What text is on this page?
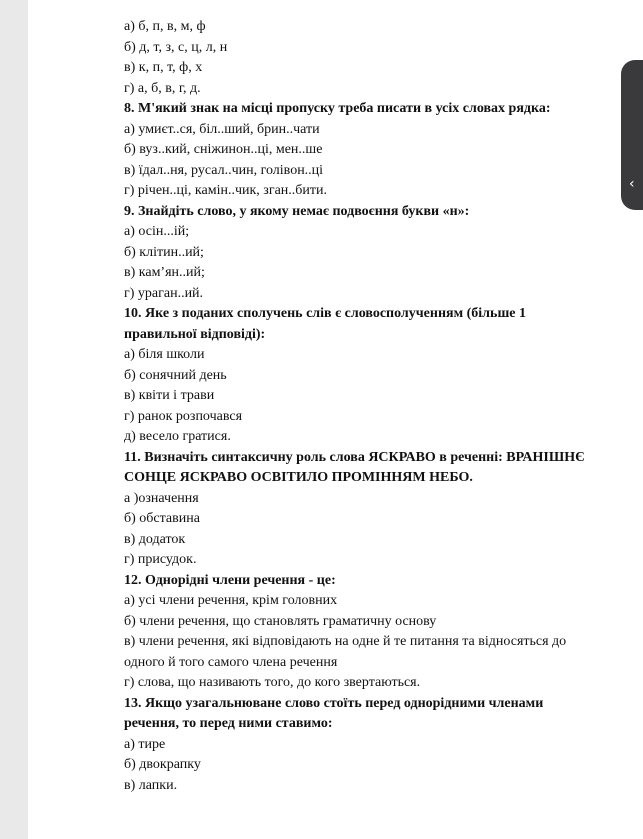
а) б, п, в, м, ф
б) д, т, з, с, ц, л, н
в) к, п, т, ф, х
г) а, б, в, г, д.
8. М'який знак на місці пропуску треба писати в усіх словах рядка:
а) умиєт..ся, біл..ший, брин..чати
б) вуз..кий, сніжинон..ці, мен..ше
в) їдал..ня, русал..чин, голівон..ці
г) річен..ці, камін..чик, зган..бити.
9. Знайдіть слово, у якому немає подвоєння букви «н»:
а) осін...ій;
б) клітин..ий;
в) кам’ян..ий;
г) ураган..ий.
10. Яке з поданих сполучень слів є словосполученням (більше 1
правильної відповіді):
а) біля школи
б) сонячний день
в) квіти і трави
г) ранок розпочався
д) весело гратися.
11. Визначіть синтаксичну роль слова ЯСКРАВО в реченні: ВРАНІШНЄ
СОНЦЕ ЯСКРАВО ОСВІТИЛО ПРОМІННЯМ НЕБО.
а )означення
б) обставина
в) додаток
г) присудок.
12. Однорідні члени речення - це:
а) усі члени речення, крім головних
б) члени речення, що становлять граматичну основу
в) члени речення, які відповідають на одне й те питання та відносяться до
одного й того самого члена речення
г) слова, що називають того, до кого звертаються.
13. Якщо узагальнюване слово стоїть перед однорідними членами
речення, то перед ними ставимо:
а) тире
б) двокрапку
в) лапки.
‹
